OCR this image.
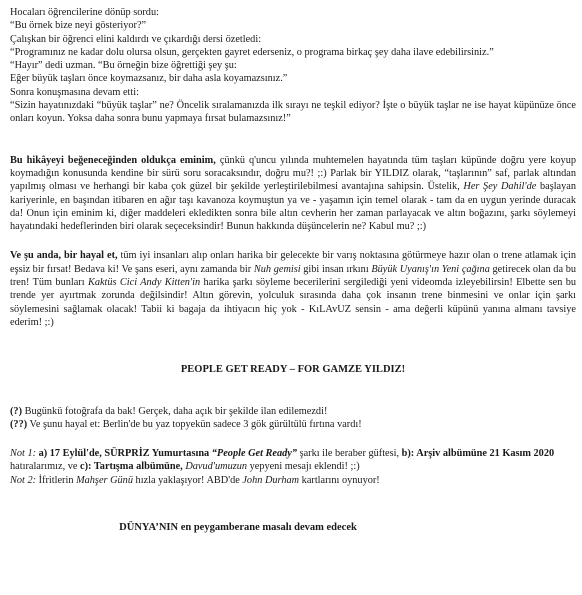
Hocaları öğrencilerine dönüp sordu:

“Bu örnek bize neyi gösteriyor?”

Çalışkan bir öğrenci elini kaldırdı ve çıkardığı dersi özetledi:

“Programınız ne kadar dolu olursa olsun, gerçekten gayret ederseniz, o programa birkaç şey daha ilave edebilirsiniz.”

“Hayır” dedi uzman. “Bu örneğin bize öğrettiği şey şu:

Eğer büyük taşları önce koymazsanız, bir daha asla koyamazsınız.”

Sonra konuşmasına devam etti:

“Sizin hayatınızdaki “büyük taşlar” ne? Öncelik sıralamanızda ilk sırayı ne teşkil ediyor? İşte o büyük taşlar ne ise hayat küpünüze önce onları koyun. Yoksa daha sonra bunu yapmaya fırsat bulamazsınız!”

Bu hikâyeyi beğeneceğinden oldukça eminim, çünkü q'uncu yılında muhtemelen hayatında tüm taşları küpünde doğru yere koyup koymadığın konusunda kendine bir sürü soru soracaksındır, doğru mu?! ;:) Parlak bir YILDIZ olarak, “taşlarının” saf, parlak altından yapılmış olması ve herhangi bir kaba çok güzel bir şekilde yerleştirilebilmesi avantajına sahipsin. Üstelik, Her Şey Dahil'de başlayan kariyerinle, en başından itibaren en ağır taşı kavanoza koymuştun ya ve - yaşamın için temel olarak - tam da en uygun yerinde duracak da! Onun için eminim ki, diğer maddeleri ekledikten sonra bile altın cevherin her zaman parlayacak ve altın boğazını, şarkı söylemeyi hayatındaki hedeflerinden biri olarak seçeceksindir! Bunun hakkında düşüncelerin ne? Kabul mu? ;:)

Ve şu anda, bir hayal et, tüm iyi insanları alıp onları harika bir gelecekte bir varış noktasına götürmeye hazır olan o trene atlamak için eşsiz bir fırsat! Bedava ki! Ve şans eseri, aynı zamanda bir Nuh gemisi gibi insan ırkını Büyük Uyanış'ın Yeni çağına getirecek olan da bu tren! Tüm bunları Kaktüs Cici Andy Kitten'in harika şarkı söyleme becerilerini sergilediği yeni videomda izleyebilirsin! Elbette sen bu trende yer ayırtmak zorunda değilsindir! Altın görevin, yolculuk sırasında daha çok insanın trene binmesini ve onlar için şarkı söylemesini sağlamak olacak! Tabii ki bagaja da ihtiyacın hiç yok - KıLAvUZ sensin - ama değerli küpünü yanına almanı tavsiye ederim! ;:)

PEOPLE GET READY – FOR GAMZE YILDIZ!

(?) Bugünkü fotoğrafa da bak! Gerçek, daha açık bir şekilde ilan edilemezdi!

(??) Ve şunu hayal et: Berlin'de bu yaz topyekün sadece 3 gök gürültülü fırtına vardı!

Not 1: a) 17 Eylül'de, SÜRPRİZ Yumurtasına “People Get Ready” şarkı ile beraber güftesi, b): Arşiv albümüne 21 Kasım 2020 hatıralarımız, ve c): Tartışma albümüne, Davud'umuzun yepyeni mesajı eklendi! ;:)

Not 2: İfritlerin Mahşer Günü hızla yaklaşıyor! ABD'de John Durham kartlarını oynuyor!

DÜNYA’NIN en peygamberane masalı devam edecek
